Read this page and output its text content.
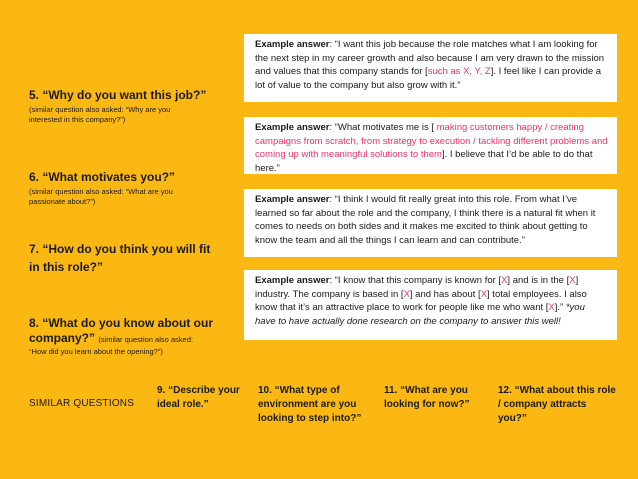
5. “Why do you want this job?”
(similar question also asked: “Why are you interested in this company?”)
6. “What motivates you?”
(similar question also asked: “What are you passionate about?”)
7. “How do you think you will fit in this role?”
8. “What do you know about our company?” (similar question also asked:
“How did you learn about the opening?”)
Example answer: “I want this job because the role matches what I am looking for the next step in my career growth and also because I am very drawn to the mission and values that this company stands for [such as X, Y, Z]. I feel like I can provide a lot of value to the company but also grow with it.”
Example answer: “What motivates me is [ making customers happy / creating campaigns from scratch, from strategy to execution / tackling different problems and coming up with meaningful solutions to them]. I believe that I’d be able to do that here.”
Example answer: “I think I would fit really great into this role. From what I’ve learned so far about the role and the company, I think there is a natural fit when it comes to needs on both sides and it makes me excited to think about getting to know the team and all the things I can learn and can contribute.”
Example answer: “I know that this company is known for [X] and is in the [X] industry. The company is based in [X] and has about [X] total employees. I also know that it’s an attractive place to work for people like me who want [X].” *you have to have actually done research on the company to answer this well!
SIMILAR QUESTIONS
9. “Describe your ideal role.”
10. “What type of environment are you looking to step into?”
11. “What are you looking for now?”
12. “What about this role / company attracts you?”
